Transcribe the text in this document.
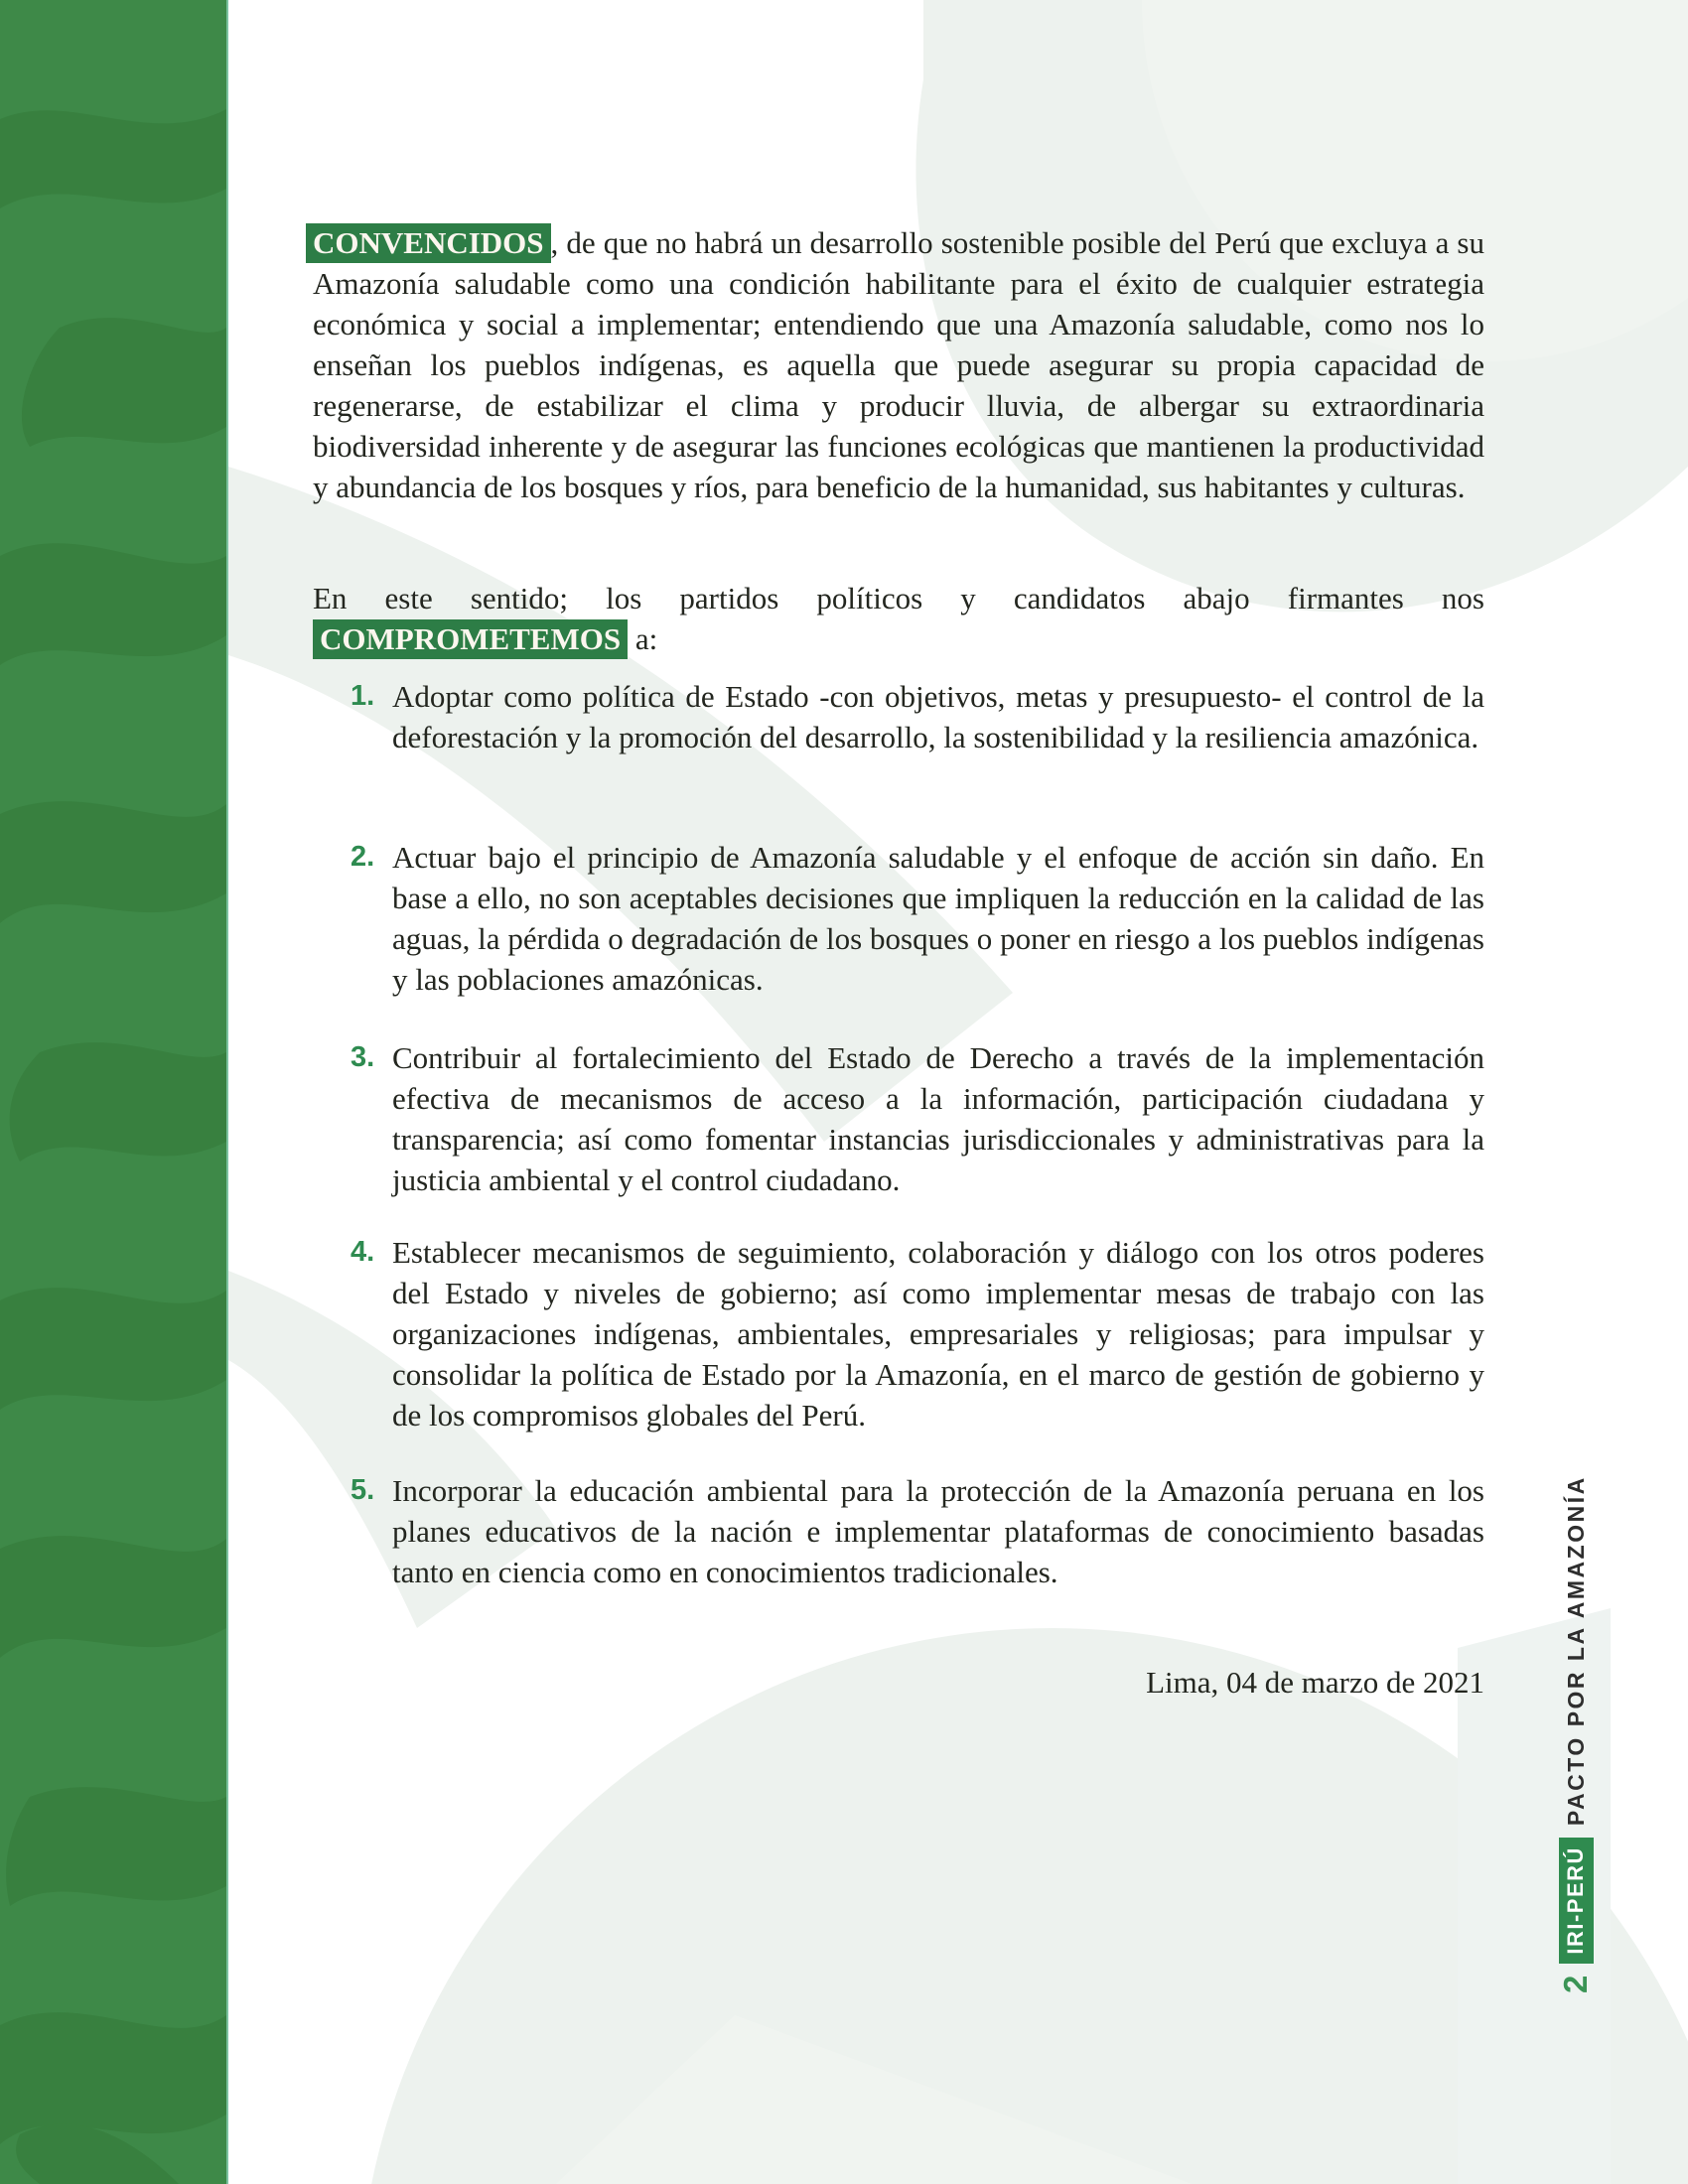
CONVENCIDOS , de que no habrá un desarrollo sostenible posible del Perú que excluya a su Amazonía saludable como una condición habilitante para el éxito de cualquier estrategia económica y social a implementar; entendiendo que una Amazonía saludable, como nos lo enseñan los pueblos indígenas, es aquella que puede asegurar su propia capacidad de regenerarse, de estabilizar el clima y producir lluvia, de albergar su extraordinaria biodiversidad inherente y de asegurar las funciones ecológicas que mantienen la productividad y abundancia de los bosques y ríos, para beneficio de la humanidad, sus habitantes y culturas.

En este sentido; los partidos políticos y candidatos abajo firmantes nos COMPROMETEMOS a:

1. Adoptar como política de Estado -con objetivos, metas y presupuesto- el control de la deforestación y la promoción del desarrollo, la sostenibilidad y la resiliencia amazónica.
2. Actuar bajo el principio de Amazonía saludable y el enfoque de acción sin daño. En base a ello, no son aceptables decisiones que impliquen la reducción en la calidad de las aguas, la pérdida o degradación de los bosques o poner en riesgo a los pueblos indígenas y las poblaciones amazónicas.
3. Contribuir al fortalecimiento del Estado de Derecho a través de la implementación efectiva de mecanismos de acceso a la información, participación ciudadana y transparencia; así como fomentar instancias jurisdiccionales y administrativas para la justicia ambiental y el control ciudadano.
4. Establecer mecanismos de seguimiento, colaboración y diálogo con los otros poderes del Estado y niveles de gobierno; así como implementar mesas de trabajo con las organizaciones indígenas, ambientales, empresariales y religiosas; para impulsar y consolidar la política de Estado por la Amazonía, en el marco de gestión de gobierno y de los compromisos globales del Perú.
5. Incorporar la educación ambiental para la protección de la Amazonía peruana en los planes educativos de la nación e implementar plataformas de conocimiento basadas tanto en ciencia como en conocimientos tradicionales.

Lima, 04 de marzo de 2021

2
IRI-PERÚ
PACTO POR LA AMAZONÍA
